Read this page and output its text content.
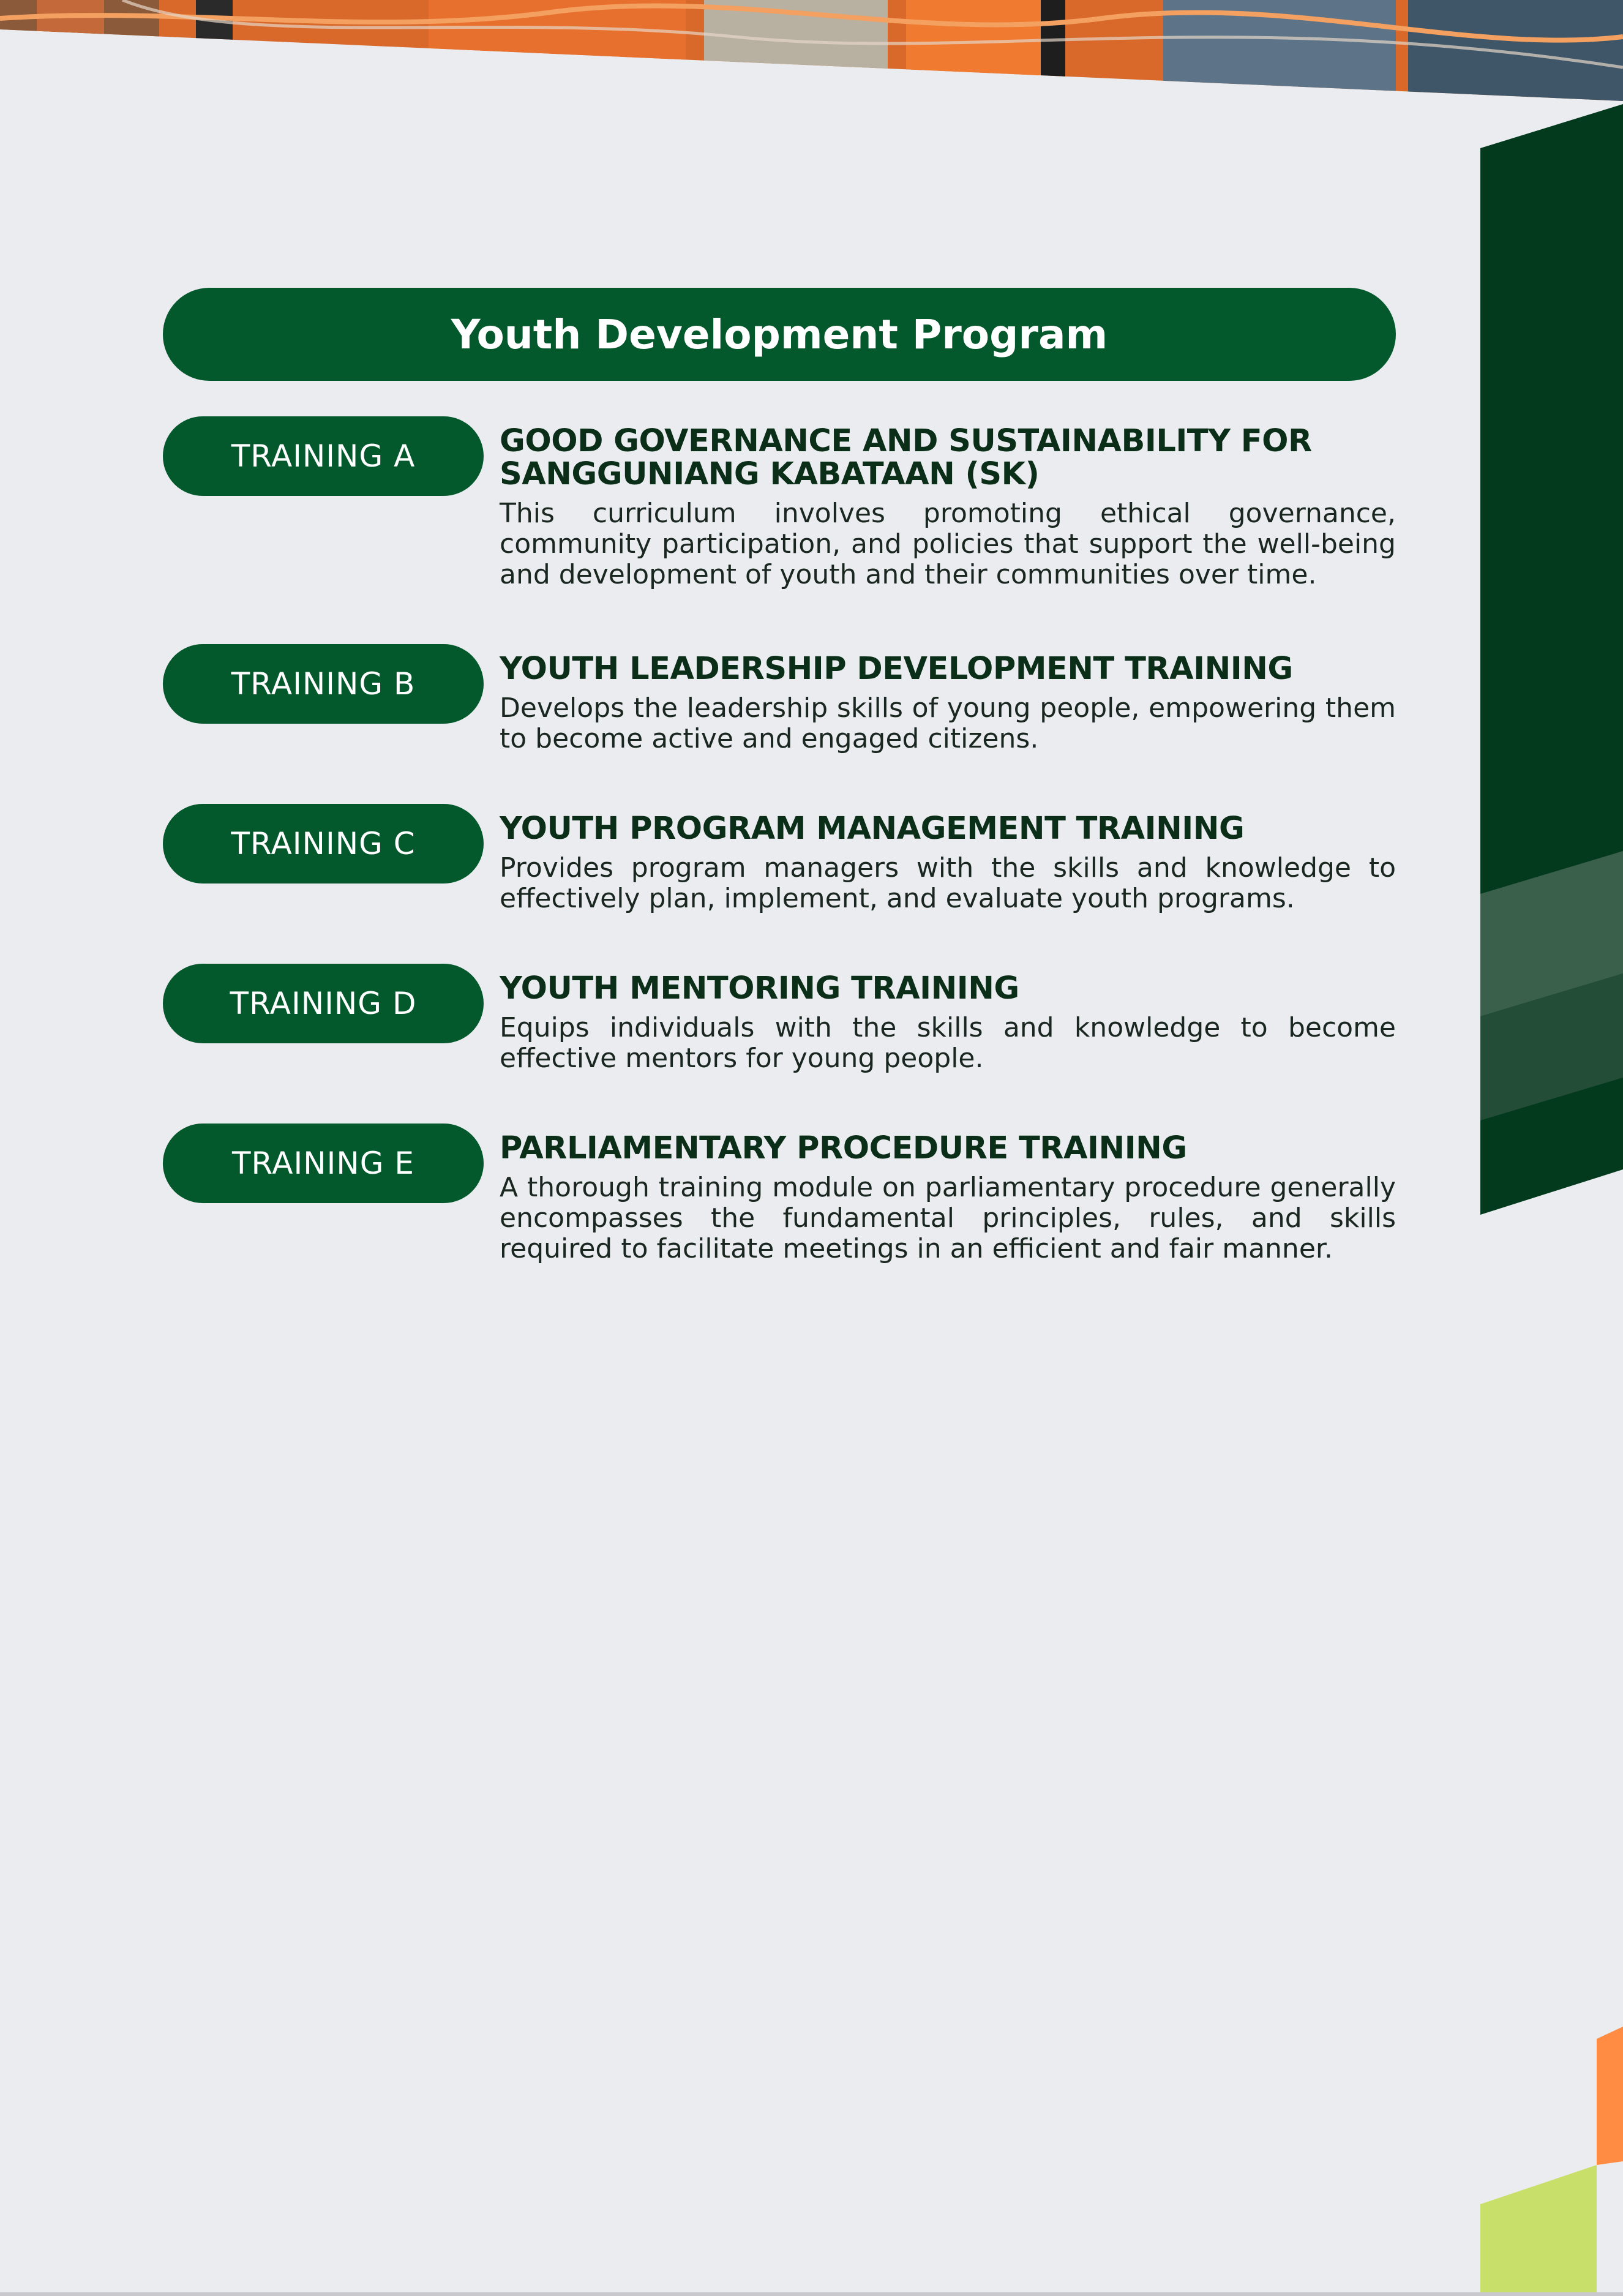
Youth Development Program
TRAINING A	GOOD GOVERNANCE AND SUSTAINABILITY FOR SANGGUNIANG KABATAAN (SK)

This curriculum involves promoting ethical governance, community participation, and policies that support the well-being and development of youth and their communities over time.

TRAINING B	YOUTH LEADERSHIP DEVELOPMENT TRAINING

Develops the leadership skills of young people, empowering them to become active and engaged citizens.

TRAINING C	YOUTH PROGRAM MANAGEMENT TRAINING

Provides program managers with the skills and knowledge to effectively plan, implement, and evaluate youth programs.

TRAINING D	YOUTH MENTORING TRAINING

Equips individuals with the skills and knowledge to become effective mentors for young people.

TRAINING E	PARLIAMENTARY PROCEDURE TRAINING

A thorough training module on parliamentary procedure generally encompasses the fundamental principles, rules, and skills required to facilitate meetings in an efficient and fair manner.
